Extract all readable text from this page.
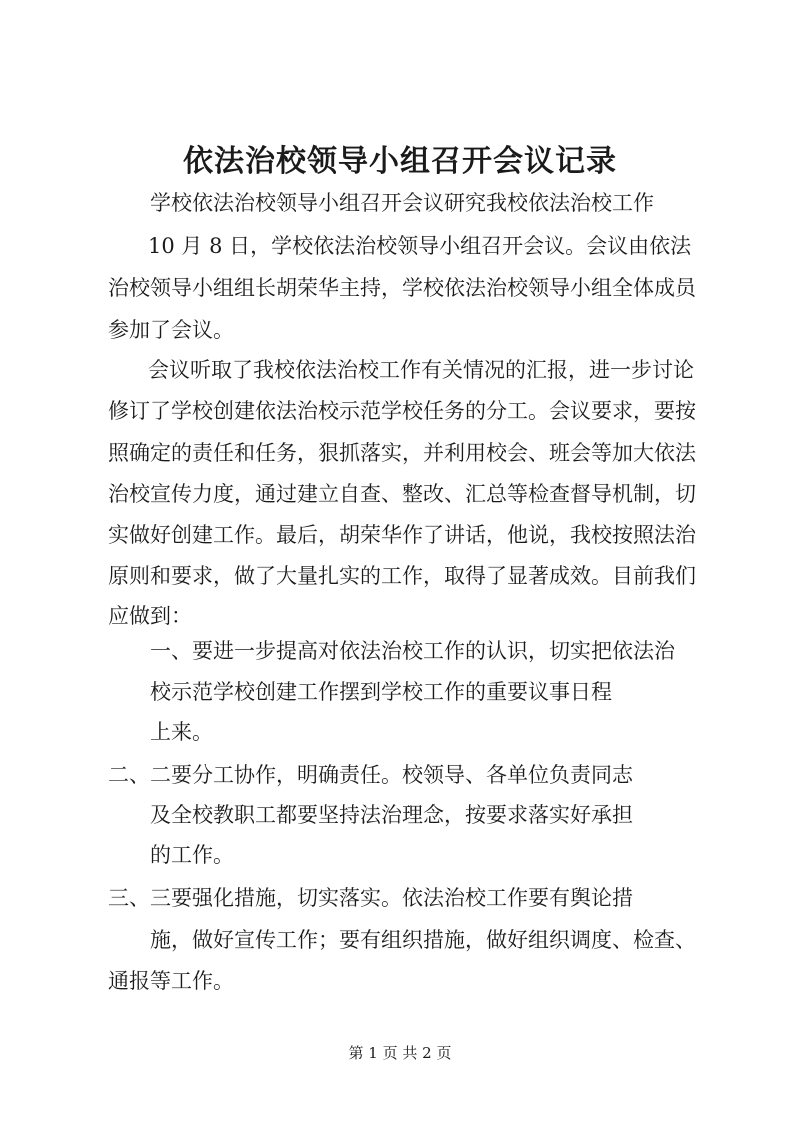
依法治校领导小组召开会议记录
学校依法治校领导小组召开会议研究我校依法治校工作
10 月 8 日，学校依法治校领导小组召开会议。会议由依法
治校领导小组组长胡荣华主持，学校依法治校领导小组全体成员
参加了会议。
会议听取了我校依法治校工作有关情况的汇报，进一步讨论
修订了学校创建依法治校示范学校任务的分工。会议要求，要按
照确定的责任和任务，狠抓落实，并利用校会、班会等加大依法
治校宣传力度，通过建立自查、整改、汇总等检查督导机制，切
实做好创建工作。最后，胡荣华作了讲话，他说，我校按照法治
原则和要求，做了大量扎实的工作，取得了显著成效。目前我们
应做到：
一、要进一步提高对依法治校工作的认识，切实把依法治
校示范学校创建工作摆到学校工作的重要议事日程
上来。
二、二要分工协作，明确责任。校领导、各单位负责同志
及全校教职工都要坚持法治理念，按要求落实好承担
的工作。
三、三要强化措施，切实落实。依法治校工作要有舆论措
施，做好宣传工作；要有组织措施，做好组织调度、检查、
通报等工作。
第 1 页 共 2 页
